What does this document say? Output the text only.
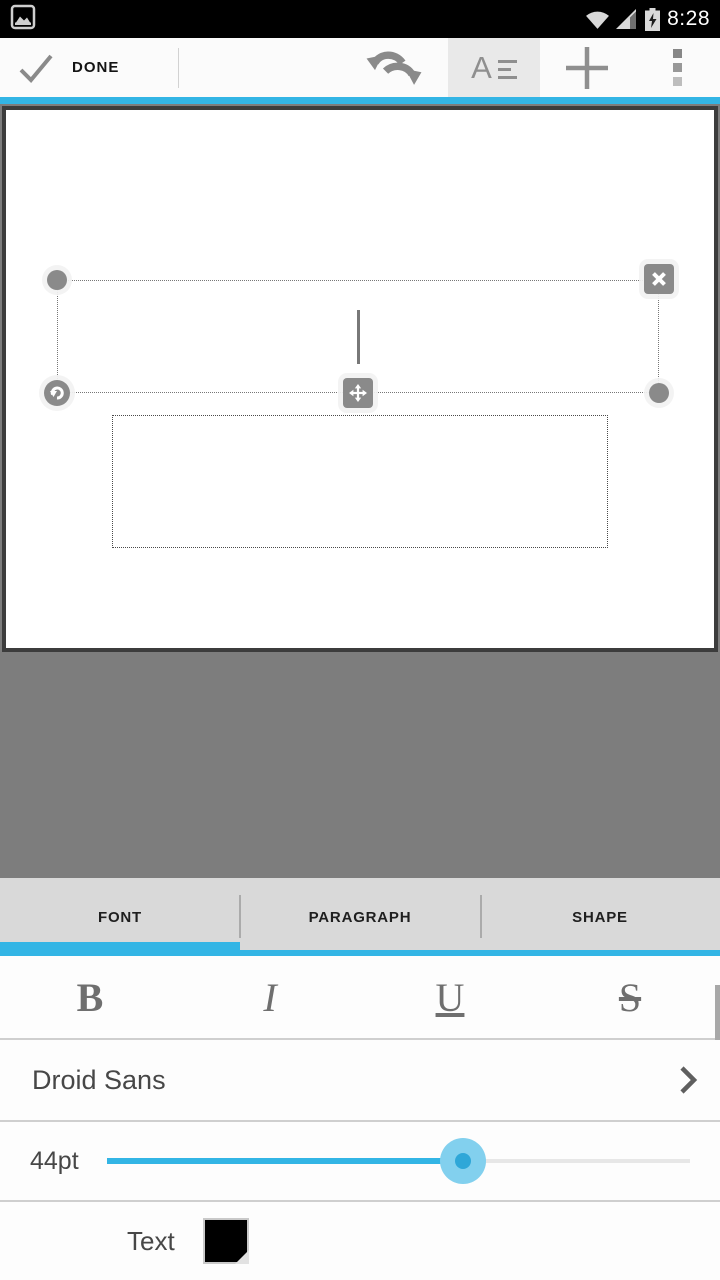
8:28
DONE	A
FONT	PARAGRAPH	SHAPE
B	I	U	S
Droid Sans
44pt
Text
